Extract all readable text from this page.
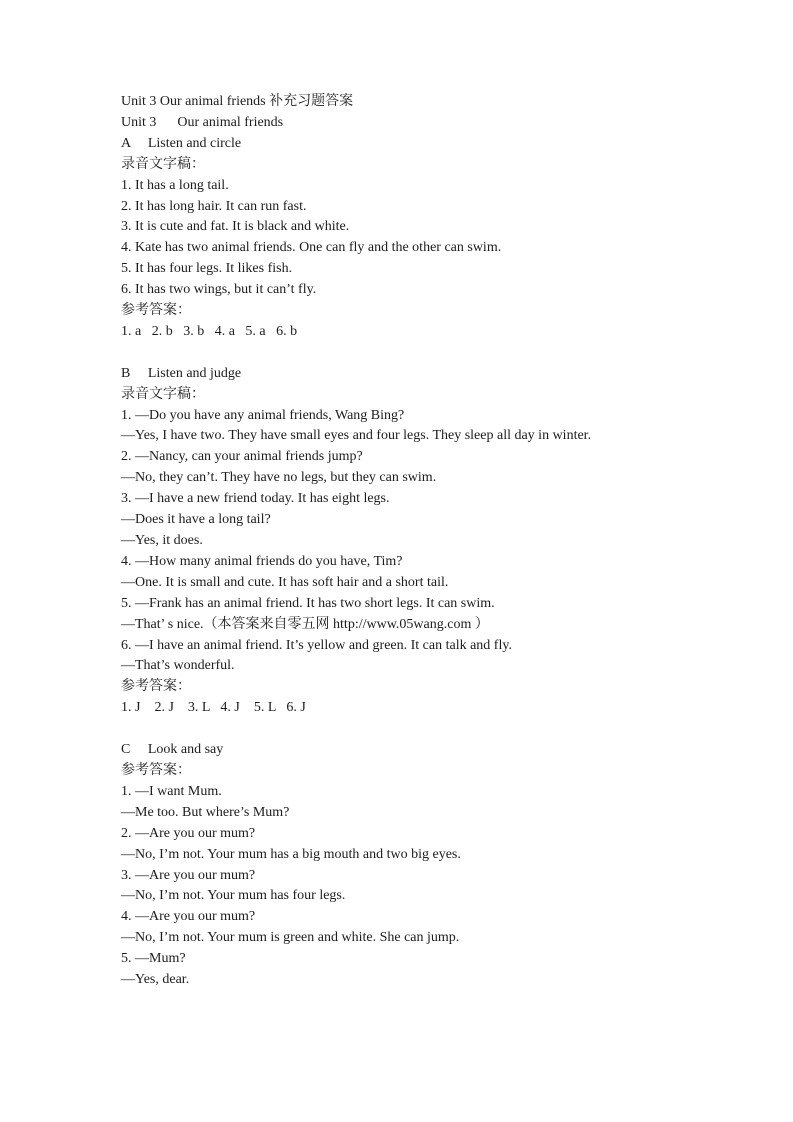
Unit 3 Our animal friends 补充习题答案
Unit 3      Our animal friends
A     Listen and circle
录音文字稿：
1. It has a long tail.
2. It has long hair. It can run fast.
3. It is cute and fat. It is black and white.
4. Kate has two animal friends. One can fly and the other can swim.
5. It has four legs. It likes fish.
6. It has two wings, but it can’t fly.
参考答案：
1. a   2. b   3. b   4. a   5. a   6. b
B     Listen and judge
录音文字稿：
1. —Do you have any animal friends, Wang Bing?
—Yes, I have two. They have small eyes and four legs. They sleep all day in winter.
2. —Nancy, can your animal friends jump?
—No, they can’t. They have no legs, but they can swim.
3. —I have a new friend today. It has eight legs.
—Does it have a long tail?
—Yes, it does.
4. —How many animal friends do you have, Tim?
—One. It is small and cute. It has soft hair and a short tail.
5. —Frank has an animal friend. It has two short legs. It can swim.
—That’ s nice.（本答案来自零五网 http://www.05wang.com ）
6. —I have an animal friend. It’s yellow and green. It can talk and fly.
—That’s wonderful.
参考答案：
1. J    2. J    3. L   4. J    5. L   6. J
C     Look and say
参考答案：
1. —I want Mum.
—Me too. But where’s Mum?
2. —Are you our mum?
—No, I’m not. Your mum has a big mouth and two big eyes.
3. —Are you our mum?
—No, I’m not. Your mum has four legs.
4. —Are you our mum?
—No, I’m not. Your mum is green and white. She can jump.
5. —Mum?
—Yes, dear.
